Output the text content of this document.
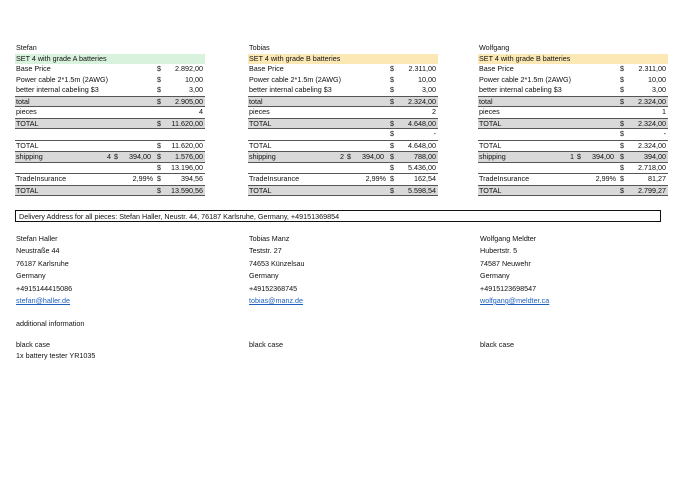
Stefan
SET 4 with grade A batteries
Base Price	$ 2.892,00
Power cable 2*1.5m (2AWG)	$	10,00
better internal cabeling $3	$	3,00
total	$ 2.905,00
pieces	4
TOTAL	$ 11.620,00
TOTAL	$ 11.620,00
shipping	4 $	394,00 $ 1.576,00
$ 13.196,00
TradeInsurance	2,99% $	394,56
TOTAL	$ 13.590,56
Tobias
SET 4 with grade B batteries
Base Price	$ 2.311,00
Power cable 2*1.5m (2AWG)	$	10,00
better internal cabeling $3	$	3,00
total	$ 2.324,00
pieces	2
TOTAL	$ 4.648,00
$	-
TOTAL	$ 4.648,00
shipping	2 $	394,00 $	788,00
$ 5.436,00
TradeInsurance	2,99% $	162,54
TOTAL	$ 5.598,54
Wolfgang
SET 4 with grade B batteries
Base Price	$ 2.311,00
Power cable 2*1.5m (2AWG)	$	10,00
better internal cabeling $3	$	3,00
total	$ 2.324,00
pieces	1
TOTAL	$ 2.324,00
$	-
TOTAL	$ 2.324,00
shipping	1 $	394,00 $	394,00
$ 2.718,00
TradeInsurance	2,99% $	81,27
TOTAL	$ 2.799,27
Delivery Address for all pieces: Stefan Haller, Neustr. 44, 76187 Karlsruhe, Germany, +49151369854
Stefan Haller
Neustraße 44
76187 Karlsruhe
Germany
+4915144415086
stefan@haller.de
Tobias Manz
Teststr. 27
74653 Künzelsau
Germany
+49152368745
tobias@manz.de
Wolfgang Meldter
Hubertstr. 5
74587 Neuwehr
Germany
+4915123698547
wolfgang@meldter.ca
additional information
black case
1x battery tester YR1035
black case	black case
